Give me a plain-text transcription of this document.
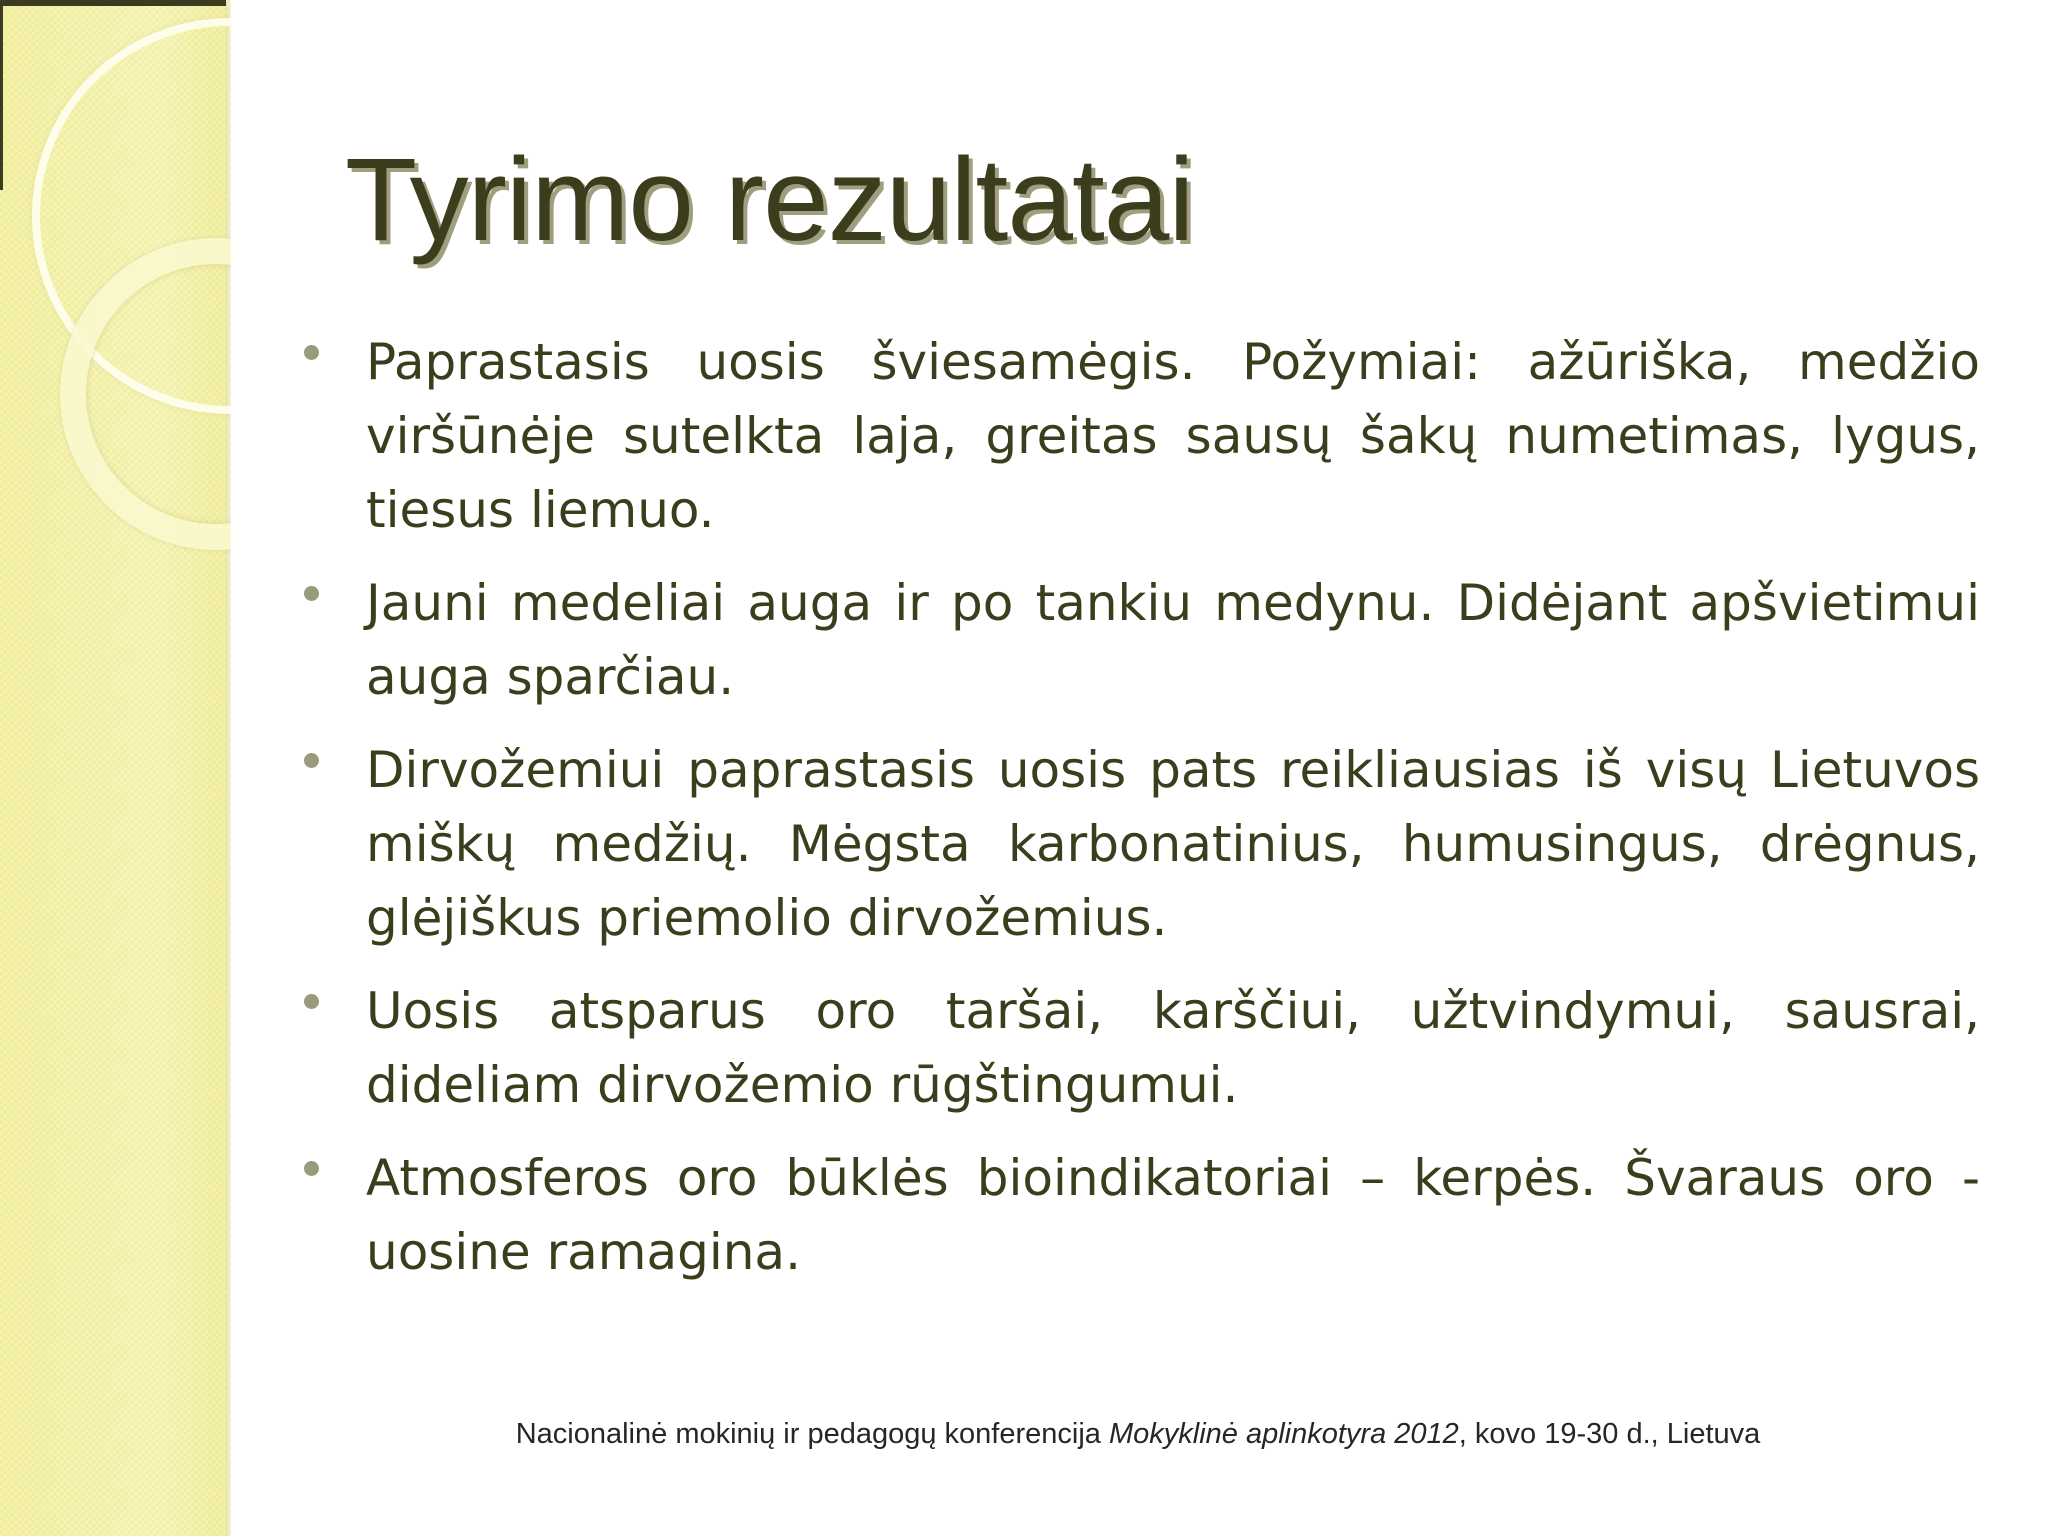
Tyrimo rezultatai
Paprastasis uosis šviesamėgis. Požymiai: ažūriška, medžio viršūnėje sutelkta laja, greitas sausų šakų numetimas, lygus, tiesus liemuo.
Jauni medeliai auga ir po tankiu medynu. Didėjant apšvietimui auga sparčiau.
Dirvožemiui paprastasis uosis pats reikliausias iš visų Lietuvos miškų medžių. Mėgsta karbonatinius, humusingus, drėgnus, glėjiškus priemolio dirvožemius.
Uosis atsparus oro taršai, karščiui, užtvindymui, sausrai, dideliam dirvožemio rūgštingumui.
Atmosferos oro būklės bioindikatoriai – kerpės. Švaraus oro -uosine ramagina.

Nacionalinė mokinių ir pedagogų konferencija Mokyklinė aplinkotyra 2012, kovo 19-30 d., Lietuva
